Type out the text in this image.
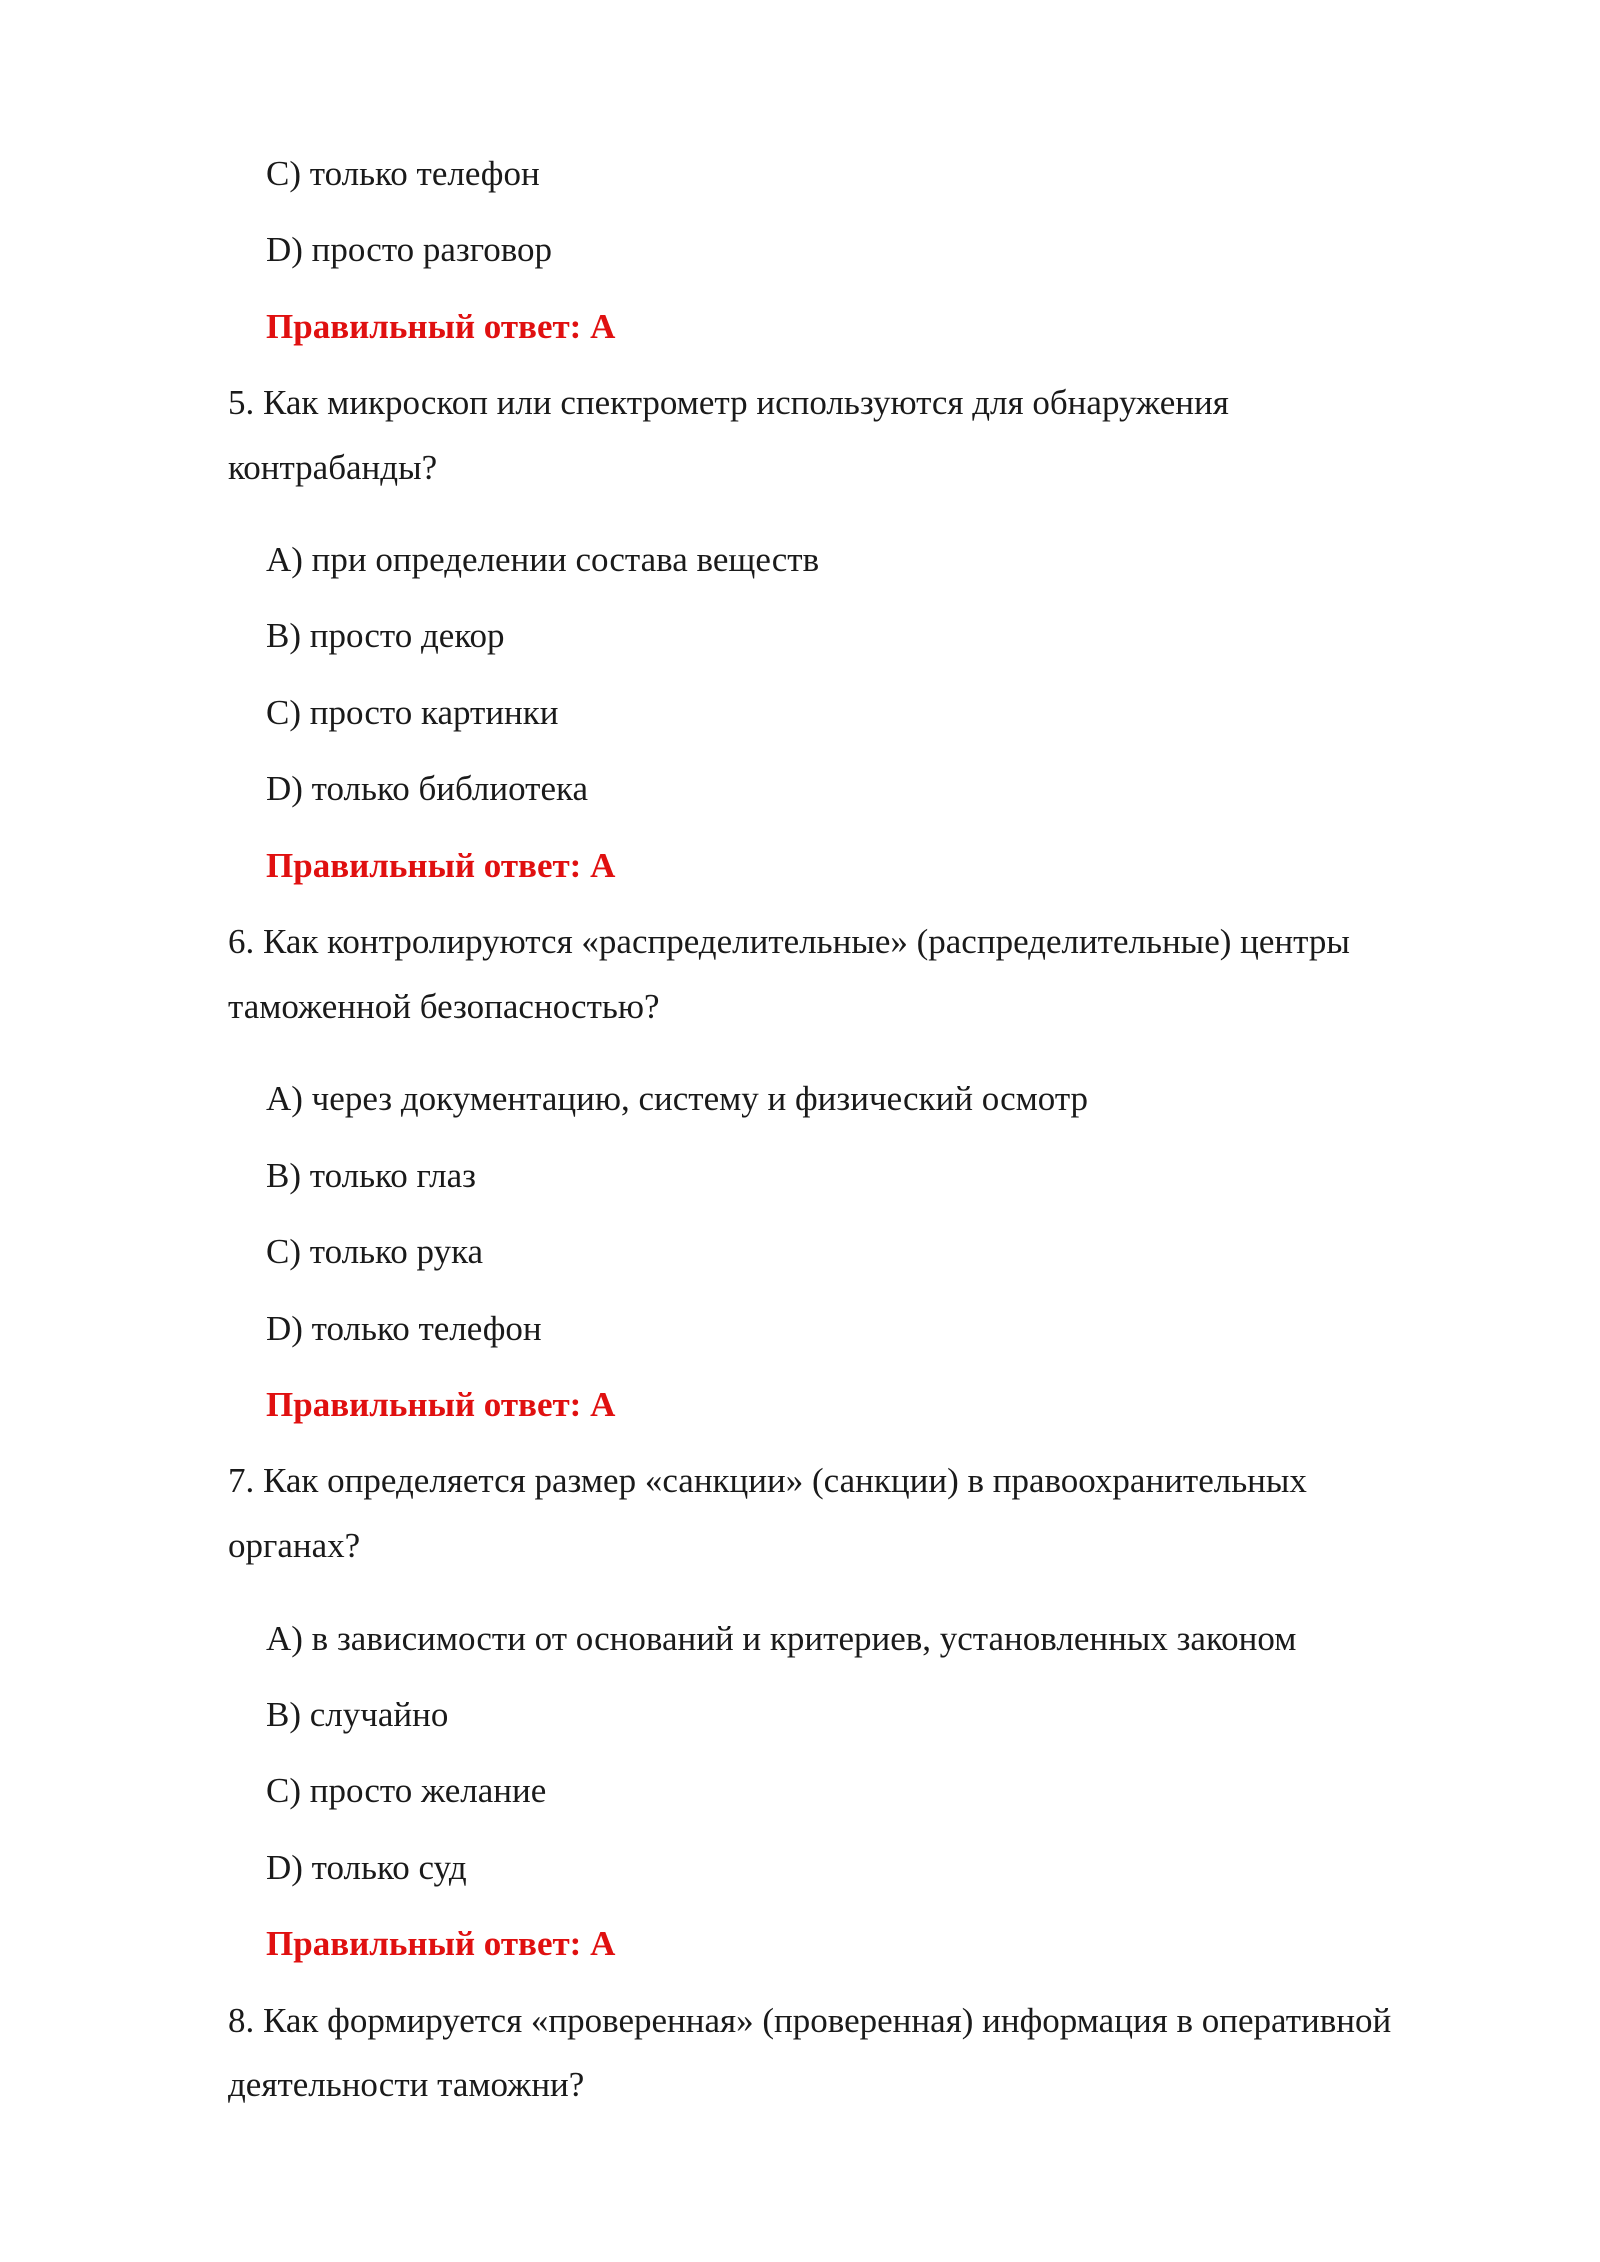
C) только телефон
D) просто разговор
Правильный ответ: А
5. Как микроскоп или спектрометр используются для обнаружения
контрабанды?
A) при определении состава веществ
B) просто декор
C) просто картинки
D) только библиотека
Правильный ответ: А
6. Как контролируются «распределительные» (распределительные) центры
таможенной безопасностью?
A) через документацию, систему и физический осмотр
B) только глаз
C) только рука
D) только телефон
Правильный ответ: А
7. Как определяется размер «санкции» (санкции) в правоохранительных
органах?
A) в зависимости от оснований и критериев, установленных законом
B) случайно
C) просто желание
D) только суд
Правильный ответ: А
8. Как формируется «проверенная» (проверенная) информация в оперативной
деятельности таможни?
